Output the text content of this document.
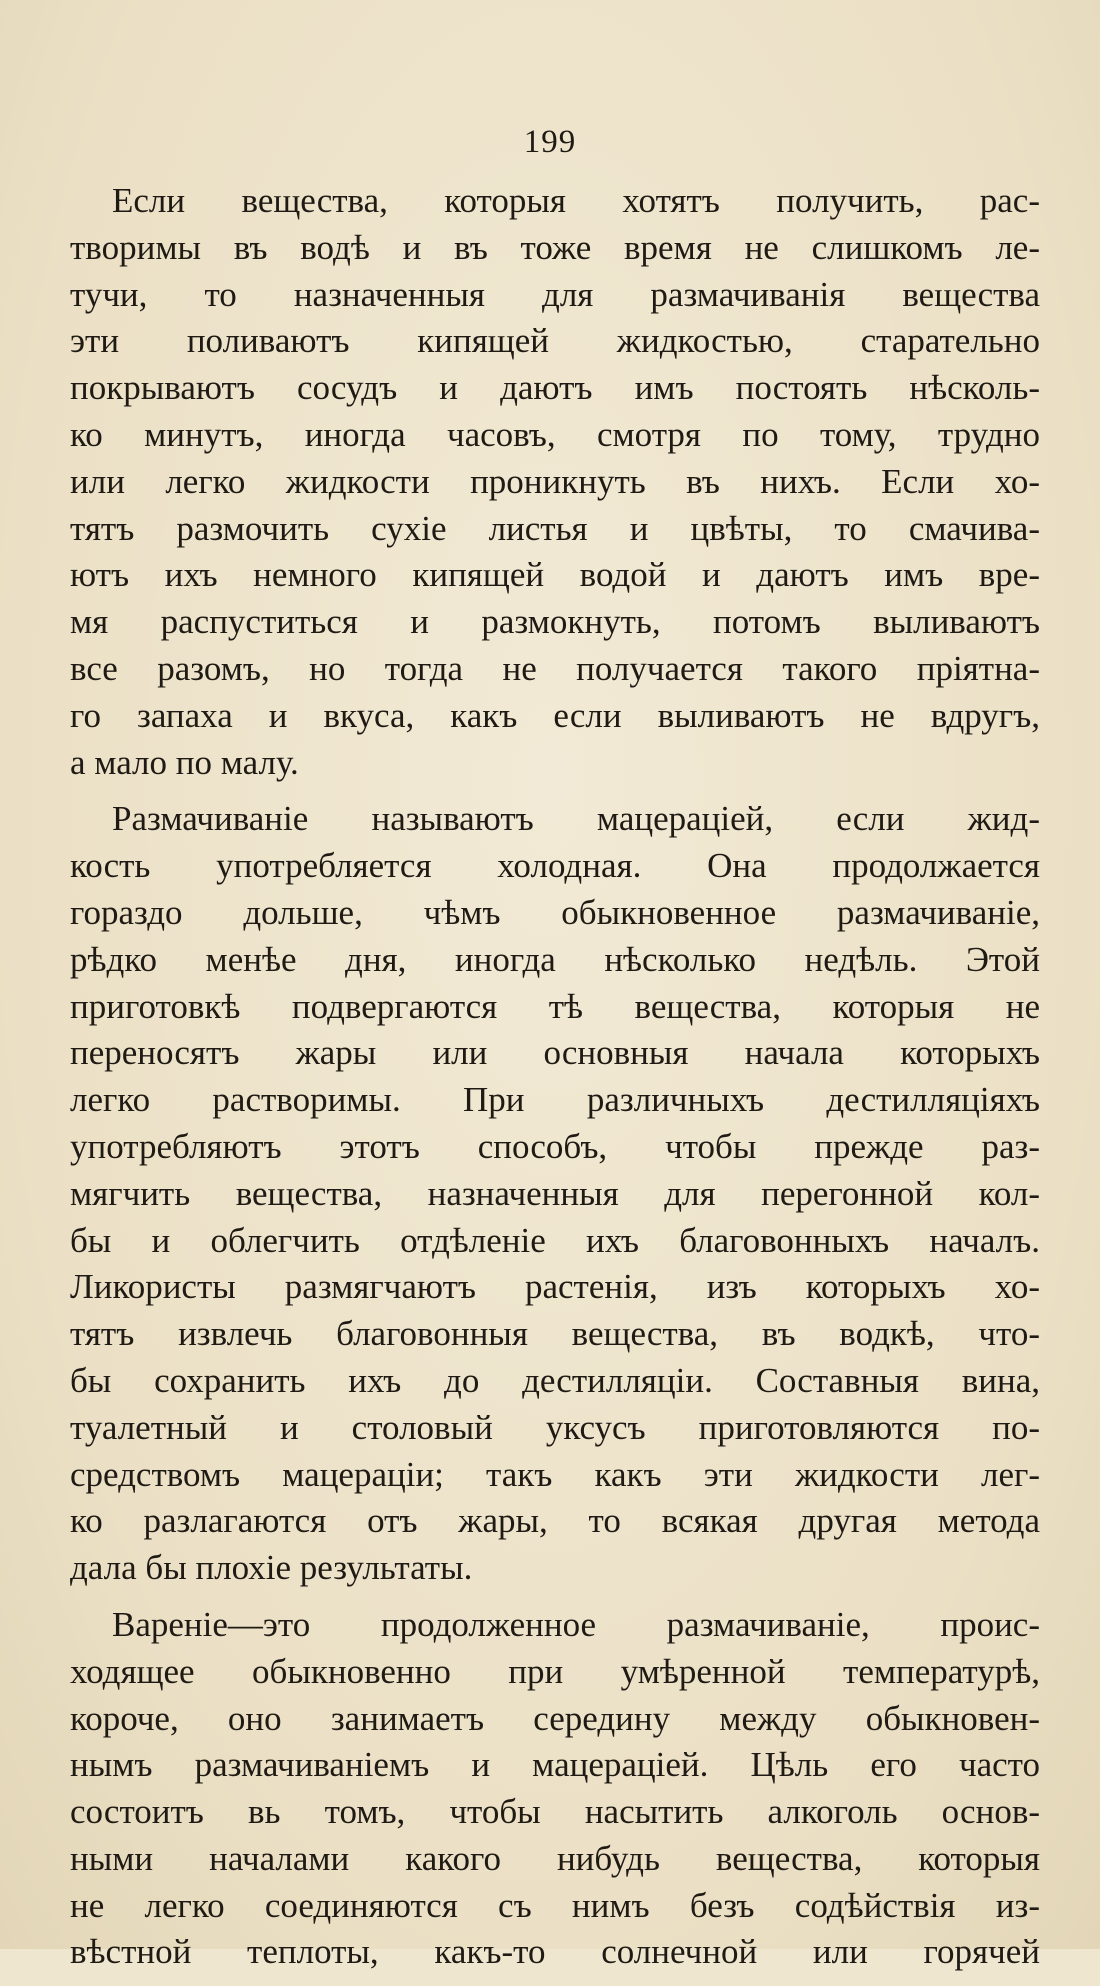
199
Если вещества, которыя хотятъ получить, рас-
творимы въ водѣ и въ тоже время не слишкомъ ле-
тучи, то назначенныя для размачиванія вещества
эти поливаютъ кипящей жидкостью, старательно
покрываютъ сосудъ и даютъ имъ постоять нѣсколь-
ко минутъ, иногда часовъ, смотря по тому, трудно
или легко жидкости проникнуть въ нихъ. Если хо-
тятъ размочить сухіе листья и цвѣты, то смачива-
ютъ ихъ немного кипящей водой и даютъ имъ вре-
мя распуститься и размокнуть, потомъ выливаютъ
все разомъ, но тогда не получается такого пріятна-
го запаха и вкуса, какъ если выливаютъ не вдругъ,
а мало по малу.
Размачиваніе называютъ мацераціей, если жид-
кость употребляется холодная. Она продолжается
гораздо дольше, чѣмъ обыкновенное размачиваніе,
рѣдко менѣе дня, иногда нѣсколько недѣль. Этой
приготовкѣ подвергаются тѣ вещества, которыя не
переносятъ жары или основныя начала которыхъ
легко растворимы. При различныхъ дестилляціяхъ
употребляютъ этотъ способъ, чтобы прежде раз-
мягчить вещества, назначенныя для перегонной кол-
бы и облегчить отдѣленіе ихъ благовонныхъ началъ.
Ликористы размягчаютъ растенія, изъ которыхъ хо-
тятъ извлечь благовонныя вещества, въ водкѣ, что-
бы сохранить ихъ до дестилляціи. Составныя вина,
туалетный и столовый уксусъ приготовляются по-
средствомъ мацераціи; такъ какъ эти жидкости лег-
ко разлагаются отъ жары, то всякая другая метода
дала бы плохіе результаты.
Вареніе—это продолженное размачиваніе, проис-
ходящее обыкновенно при умѣренной температурѣ,
короче, оно занимаетъ середину между обыкновен-
нымъ размачиваніемъ и мацераціей. Цѣль его часто
состоитъ вь томъ, чтобы насытить алкоголь основ-
ными началами какого нибудь вещества, которыя
не легко соединяются съ нимъ безъ содѣйствія из-
вѣстной теплоты, какъ-то солнечной или горячей
